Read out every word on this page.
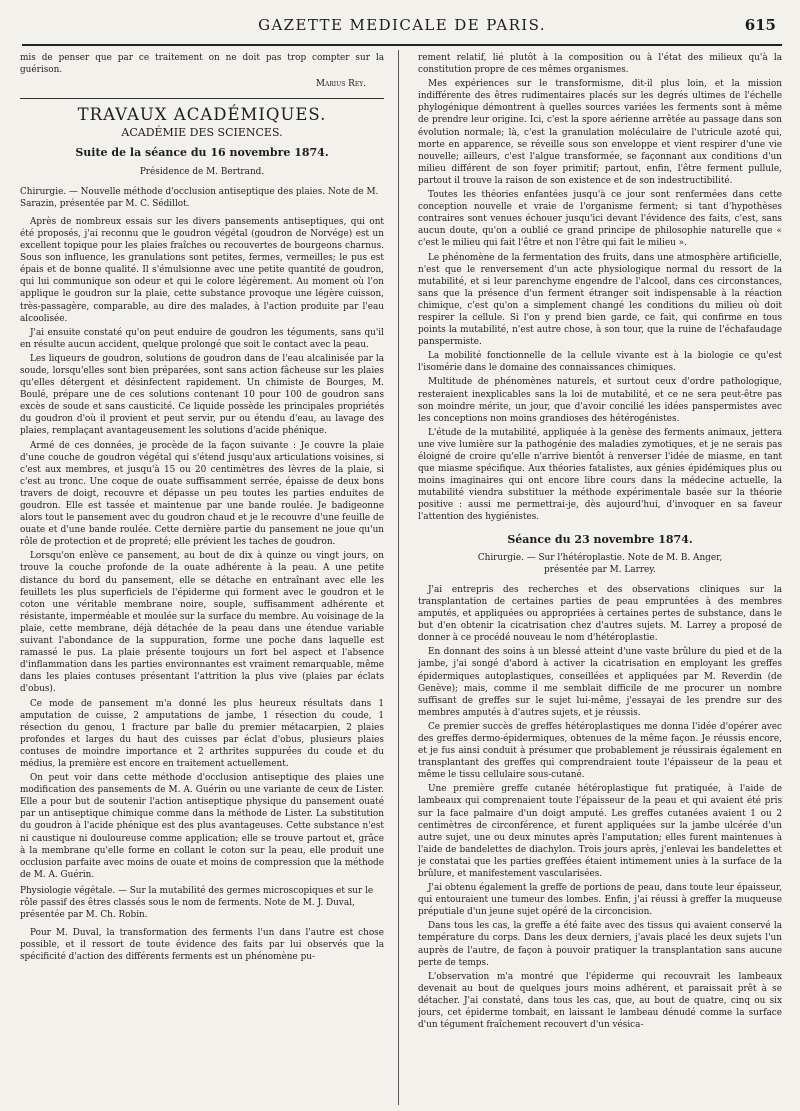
GAZETTE MEDICALE DE PARIS.	615

mis de penser que par ce traitement on ne doit pas trop compter sur la guérison.

Marius Rey.
TRAVAUX ACADÉMIQUES.
ACADÉMIE DES SCIENCES.
Suite de la séance du 16 novembre 1874.
Présidence de M. Bertrand.

Chirurgie. — Nouvelle méthode d'occlusion antiseptique des plaies. Note de M. Sarazin, présentée par M. C. Sédillot.

Après de nombreux essais sur les divers pansements antiseptiques, qui ont été proposés, j'ai reconnu que le goudron végétal (goudron de Norvége) est un excellent topique pour les plaies fraîches ou recouvertes de bourgeons charnus. Sous son influence, les granulations sont petites, fermes, vermeilles; le pus est épais et de bonne qualité. Il s'émulsionne avec une petite quantité de goudron, qui lui communique son odeur et qui le colore légèrement. Au moment où l'on applique le goudron sur la plaie, cette substance provoque une légère cuisson, très-passagère, comparable, au dire des malades, à l'action produite par l'eau alcoolisée.

J'ai ensuite constaté qu'on peut enduire de goudron les téguments, sans qu'il en résulte aucun accident, quelque prolongé que soit le contact avec la peau.

Les liqueurs de goudron, solutions de goudron dans de l'eau alcalinisée par la soude, lorsqu'elles sont bien préparées, sont sans action fâcheuse sur les plaies qu'elles détergent et désinfectent rapidement. Un chimiste de Bourges, M. Boulé, prépare une de ces solutions contenant 10 pour 100 de goudron sans excès de soude et sans causticité. Ce liquide possède les principales propriétés du goudron d'où il provient et peut servir, pur ou étendu d'eau, au lavage des plaies, remplaçant avantageusement les solutions d'acide phénique.

Armé de ces données, je procède de la façon suivante : Je couvre la plaie d'une couche de goudron végétal qui s'étend jusqu'aux articulations voisines, si c'est aux membres, et jusqu'à 15 ou 20 centimètres des lèvres de la plaie, si c'est au tronc. Une coque de ouate suffisamment serrée, épaisse de deux bons travers de doigt, recouvre et dépasse un peu toutes les parties enduites de goudron. Elle est tassée et maintenue par une bande roulée. Je badigeonne alors tout le pansement avec du goudron chaud et je le recouvre d'une feuille de ouate et d'une bande roulée. Cette dernière partie du pansement ne joue qu'un rôle de protection et de propreté; elle prévient les taches de goudron.

Lorsqu'on enlève ce pansement, au bout de dix à quinze ou vingt jours, on trouve la couche profonde de la ouate adhérente à la peau. A une petite distance du bord du pansement, elle se détache en entraînant avec elle les feuillets les plus superficiels de l'épiderme qui forment avec le goudron et le coton une véritable membrane noire, souple, suffisamment adhérente et résistante, imperméable et moulée sur la surface du membre. Au voisinage de la plaie, cette membrane, déjà détachée de la peau dans une étendue variable suivant l'abondance de la suppuration, forme une poche dans laquelle est ramassé le pus. La plaie présente toujours un fort bel aspect et l'absence d'inflammation dans les parties environnantes est vraiment remarquable, même dans les plaies contuses présentant l'attrition la plus vive (plaies par éclats d'obus).

Ce mode de pansement m'a donné les plus heureux résultats dans 1 amputation de cuisse, 2 amputations de jambe, 1 résection du coude, 1 résection du genou, 1 fracture par balle du premier métacarpien, 2 plaies profondes et larges du haut des cuisses par éclat d'obus, plusieurs plaies contuses de moindre importance et 2 arthrites suppurées du coude et du médius, la première est encore en traitement actuellement.

On peut voir dans cette méthode d'occlusion antiseptique des plaies une modification des pansements de M. A. Guérin ou une variante de ceux de Lister. Elle a pour but de soutenir l'action antiseptique physique du pansement ouaté par un antiseptique chimique comme dans la méthode de Lister. La substitution du goudron à l'acide phénique est des plus avantageuses. Cette substance n'est ni caustique ni douloureuse comme application; elle se trouve partout et, grâce à la membrane qu'elle forme en collant le coton sur la peau, elle produit une occlusion parfaite avec moins de ouate et moins de compression que la méthode de M. A. Guérin.

Physiologie végétale. — Sur la mutabilité des germes microscopiques et sur le rôle passif des êtres classés sous le nom de ferments. Note de M. J. Duval, présentée par M. Ch. Robin.

Pour M. Duval, la transformation des ferments l'un dans l'autre est chose possible, et il ressort de toute évidence des faits par lui observés que la spécificité d'action des différents ferments est un phénomène pu-

rement relatif, lié plutôt à la composition ou à l'état des milieux qu'à la constitution propre de ces mêmes organismes.

Mes expériences sur le transformisme, dit-il plus loin, et la mission indifférente des êtres rudimentaires placés sur les degrés ultimes de l'échelle phylogénique démontrent à quelles sources variées les ferments sont à même de prendre leur origine. Ici, c'est la spore aérienne arrêtée au passage dans son évolution normale; là, c'est la granulation moléculaire de l'utricule azoté qui, morte en apparence, se réveille sous son enveloppe et vient respirer d'une vie nouvelle; ailleurs, c'est l'algue transformée, se façonnant aux conditions d'un milieu différent de son foyer primitif; partout, enfin, l'être ferment pullule, partout il trouve la raison de son existence et de son indestructibilité.

Toutes les théories enfantées jusqu'à ce jour sont renfermées dans cette conception nouvelle et vraie de l'organisme ferment; si tant d'hypothèses contraires sont venues échouer jusqu'ici devant l'évidence des faits, c'est, sans aucun doute, qu'on a oublié ce grand principe de philosophie naturelle que « c'est le milieu qui fait l'être et non l'être qui fait le milieu ».

Le phénomène de la fermentation des fruits, dans une atmosphère artificielle, n'est que le renversement d'un acte physiologique normal du ressort de la mutabilité, et si leur parenchyme engendre de l'alcool, dans ces circonstances, sans que la présence d'un ferment étranger soit indispensable à la réaction chimique, c'est qu'on a simplement changé les conditions du milieu où doit respirer la cellule. Si l'on y prend bien garde, ce fait, qui confirme en tous points la mutabilité, n'est autre chose, à son tour, que la ruine de l'échafaudage panspermiste.

La mobilité fonctionnelle de la cellule vivante est à la biologie ce qu'est l'isomérie dans le domaine des connaissances chimiques.

Multitude de phénomènes naturels, et surtout ceux d'ordre pathologique, resteraient inexplicables sans la loi de mutabilité, et ce ne sera peut-être pas son moindre mérite, un jour, que d'avoir concilié les idées panspermistes avec les conceptions non moins grandioses des hétérogénistes.

L'étude de la mutabilité, appliquée à la genèse des ferments animaux, jettera une vive lumière sur la pathogénie des maladies zymotiques, et je ne serais pas éloigné de croire qu'elle n'arrive bientôt à renverser l'idée de miasme, en tant que miasme spécifique. Aux théories fatalistes, aux génies épidémiques plus ou moins imaginaires qui ont encore libre cours dans la médecine actuelle, la mutabilité viendra substituer la méthode expérimentale basée sur la théorie positive : aussi me permettrai-je, dès aujourd'hui, d'invoquer en sa faveur l'attention des hygiénistes.

Séance du 23 novembre 1874.

Chirurgie. — Sur l'hétéroplastie. Note de M. B. Anger,

présentée par M. Larrey.

J'ai entrepris des recherches et des observations cliniques sur la transplantation de certaines parties de peau empruntées à des membres amputés, et appliquées ou appropriées à certaines pertes de substance, dans le but d'en obtenir la cicatrisation chez d'autres sujets. M. Larrey a proposé de donner à ce procédé nouveau le nom d'hétéroplastie.

En donnant des soins à un blessé atteint d'une vaste brûlure du pied et de la jambe, j'ai songé d'abord à activer la cicatrisation en employant les greffes épidermiques autoplastiques, conseillées et appliquées par M. Reverdin (de Genève); mais, comme il me semblait difficile de me procurer un nombre suffisant de greffes sur le sujet lui-même, j'essayai de les prendre sur des membres amputés à d'autres sujets, et je réussis.

Ce premier succès de greffes hétéroplastiques me donna l'idée d'opérer avec des greffes dermo-épidermiques, obtenues de la même façon. Je réussis encore, et je fus ainsi conduit à présumer que probablement je réussirais également en transplantant des greffes qui comprendraient toute l'épaisseur de la peau et même le tissu cellulaire sous-cutané.

Une première greffe cutanée hétéroplastique fut pratiquée, à l'aide de lambeaux qui comprenaient toute l'épaisseur de la peau et qui avaient été pris sur la face palmaire d'un doigt amputé. Les greffes cutanées avaient 1 ou 2 centimètres de circonférence, et furent appliquées sur la jambe ulcérée d'un autre sujet, une ou deux minutes après l'amputation; elles furent maintenues à l'aide de bandelettes de diachylon. Trois jours après, j'enlevai les bandelettes et je constatai que les parties greffées étaient intimement unies à la surface de la brûlure, et manifestement vascularisées.

J'ai obtenu également la greffe de portions de peau, dans toute leur épaisseur, qui entouraient une tumeur des lombes. Enfin, j'ai réussi à greffer la muqueuse préputiale d'un jeune sujet opéré de la circoncision.

Dans tous les cas, la greffe a été faite avec des tissus qui avaient conservé la température du corps. Dans les deux derniers, j'avais placé les deux sujets l'un auprès de l'autre, de façon à pouvoir pratiquer la transplantation sans aucune perte de temps.

L'observation m'a montré que l'épiderme qui recouvrait les lambeaux devenait au bout de quelques jours moins adhérent, et paraissait prêt à se détacher. J'ai constaté, dans tous les cas, que, au bout de quatre, cinq ou six jours, cet épiderme tombait, en laissant le lambeau dénudé comme la surface d'un tégument fraîchement recouvert d'un vésica-
